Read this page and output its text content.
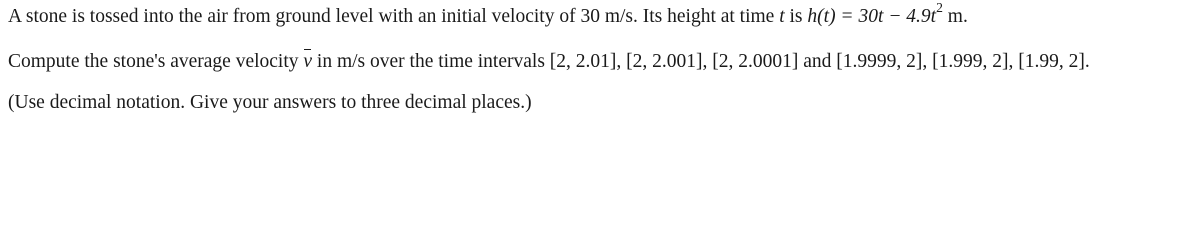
A stone is tossed into the air from ground level with an initial velocity of 30 m/s. Its height at time t is $h(t) = 30t - 4.9t^2$ m.

Compute the stone's average velocity v in m/s over the time intervals [2, 2.01], [2, 2.001], [2, 2.0001] and [1.9999, 2], [1.999, 2], [1.99, 2].

(Use decimal notation. Give your answers to three decimal places.)
